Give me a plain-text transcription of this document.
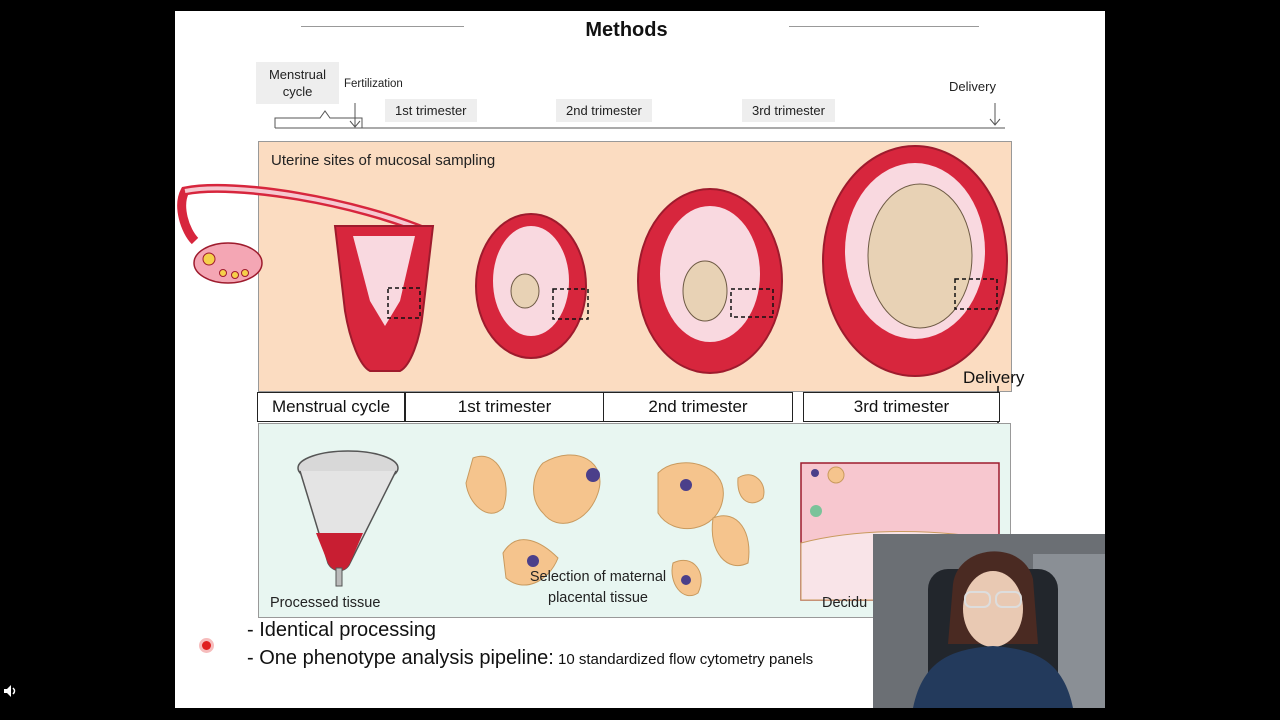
Methods
Menstrual cycle	Fertilization
1st trimester	2nd trimester	3rd trimester
Delivery
Uterine sites of mucosal sampling
Delivery
Menstrual cycle	1st trimester	2nd trimester	3rd trimester
Processed tissue
Selection of maternal placental tissue	Decidu
- Identical processing
- One phenotype analysis pipeline: 10 standardized flow cytometry panels
